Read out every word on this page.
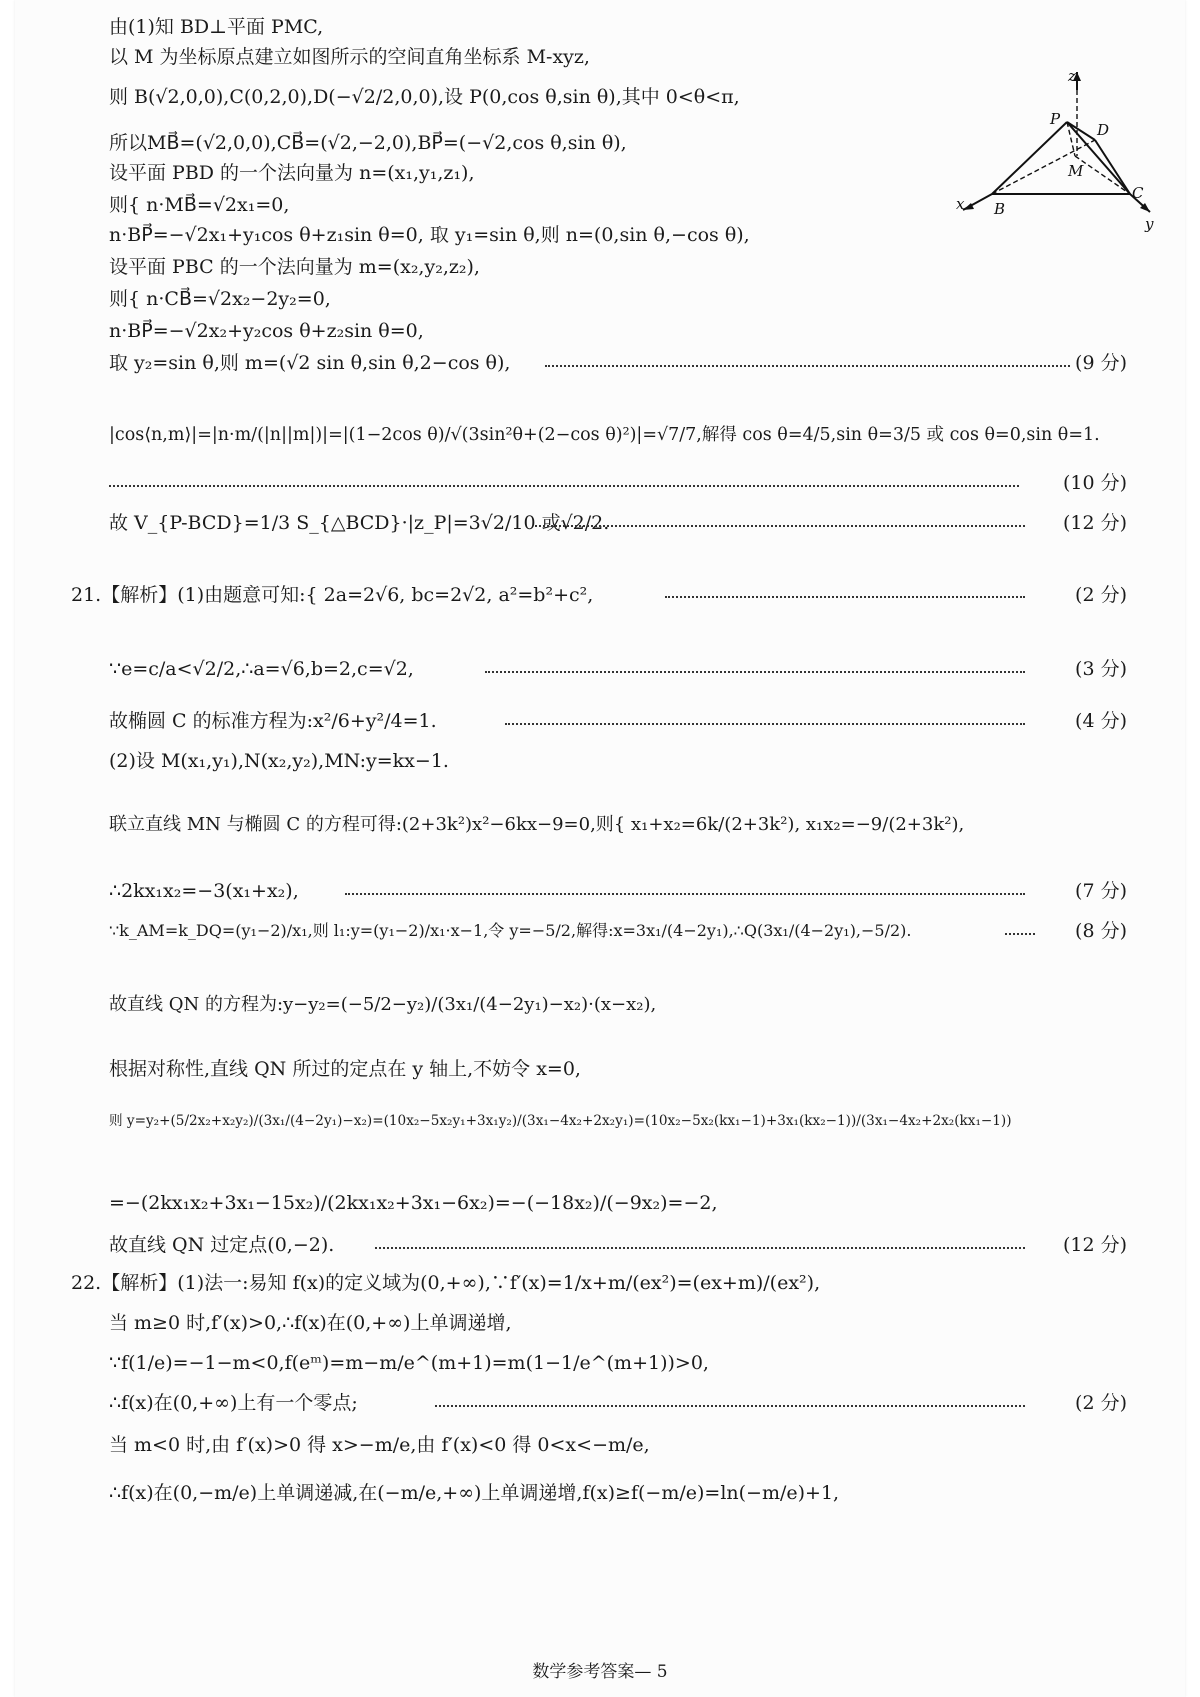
由(1)知 BD⊥平面 PMC,
以 M 为坐标原点建立如图所示的空间直角坐标系 M-xyz,
则 B(√2,0,0),C(0,2,0),D(−√2/2,0,0),设 P(0,cos θ,sin θ),其中 0<θ<π,
所以MB⃗=(√2,0,0),CB⃗=(√2,−2,0),BP⃗=(−√2,cos θ,sin θ),
设平面 PBD 的一个法向量为 n=(x₁,y₁,z₁),
则{ n·MB⃗=√2x₁=0,
n·BP⃗=−√2x₁+y₁cos θ+z₁sin θ=0, 取 y₁=sin θ,则 n=(0,sin θ,−cos θ),
设平面 PBC 的一个法向量为 m=(x₂,y₂,z₂),
则{ n·CB⃗=√2x₂−2y₂=0,
n·BP⃗=−√2x₂+y₂cos θ+z₂sin θ=0,
取 y₂=sin θ,则 m=(√2 sin θ,sin θ,2−cos θ),	(9 分)
|cos⟨n,m⟩|=|n·m/(|n||m|)|=|(1−2cos θ)/√(3sin²θ+(2−cos θ)²)|=√7/7,解得 cos θ=4/5,sin θ=3/5 或 cos θ=0,sin θ=1.
(10 分)
故 V_{P-BCD}=1/3 S_{△BCD}·|z_P|=3√2/10 或√2/2.	(12 分)
21.【解析】(1)由题意可知:{ 2a=2√6, bc=2√2, a²=b²+c²,	(2 分)
∵e=c/a<√2/2,∴a=√6,b=2,c=√2,	(3 分)
故椭圆 C 的标准方程为:x²/6+y²/4=1.	(4 分)
(2)设 M(x₁,y₁),N(x₂,y₂),MN:y=kx−1.
联立直线 MN 与椭圆 C 的方程可得:(2+3k²)x²−6kx−9=0,则{ x₁+x₂=6k/(2+3k²), x₁x₂=−9/(2+3k²),
∴2kx₁x₂=−3(x₁+x₂),	(7 分)
∵k_AM=k_DQ=(y₁−2)/x₁,则 l₁:y=(y₁−2)/x₁·x−1,令 y=−5/2,解得:x=3x₁/(4−2y₁),∴Q(3x₁/(4−2y₁),−5/2).	(8 分)
故直线 QN 的方程为:y−y₂=(−5/2−y₂)/(3x₁/(4−2y₁)−x₂)·(x−x₂),
根据对称性,直线 QN 所过的定点在 y 轴上,不妨令 x=0,
则 y=y₂+(5/2x₂+x₂y₂)/(3x₁/(4−2y₁)−x₂)=(10x₂−5x₂y₁+3x₁y₂)/(3x₁−4x₂+2x₂y₁)=(10x₂−5x₂(kx₁−1)+3x₁(kx₂−1))/(3x₁−4x₂+2x₂(kx₁−1))
=−(2kx₁x₂+3x₁−15x₂)/(2kx₁x₂+3x₁−6x₂)=−(−18x₂)/(−9x₂)=−2,
故直线 QN 过定点(0,−2).	(12 分)
22.【解析】(1)法一:易知 f(x)的定义域为(0,+∞),∵f′(x)=1/x+m/(ex²)=(ex+m)/(ex²),
当 m≥0 时,f′(x)>0,∴f(x)在(0,+∞)上单调递增,
∵f(1/e)=−1−m<0,f(eᵐ)=m−m/e^(m+1)=m(1−1/e^(m+1))>0,
∴f(x)在(0,+∞)上有一个零点;	(2 分)
当 m<0 时,由 f′(x)>0 得 x>−m/e,由 f′(x)<0 得 0<x<−m/e,
∴f(x)在(0,−m/e)上单调递减,在(−m/e,+∞)上单调递增,f(x)≥f(−m/e)=ln(−m/e)+1,
P
D
M
B
C
x
y
z
数学参考答案— 5
